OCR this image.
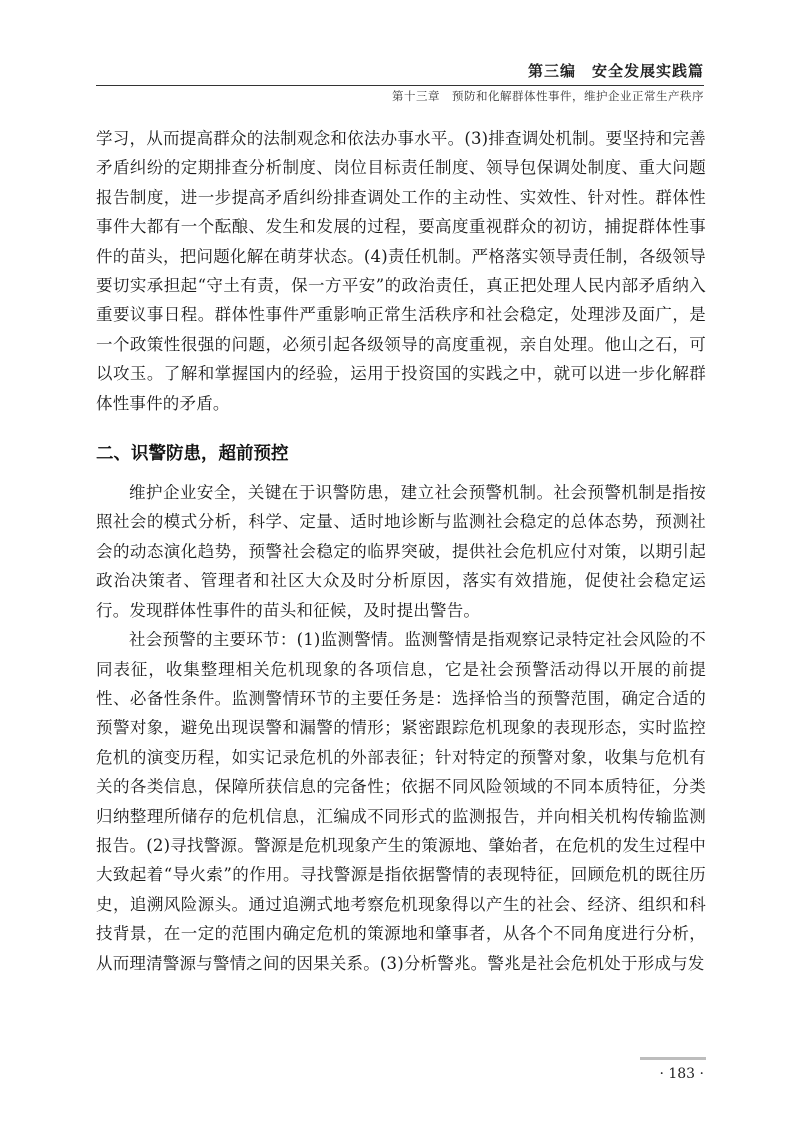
第三编　安全发展实践篇
第十三章　预防和化解群体性事件，维护企业正常生产秩序

学习，从而提高群众的法制观念和依法办事水平。(3)排查调处机制。要坚持和完善矛盾纠纷的定期排查分析制度、岗位目标责任制度、领导包保调处制度、重大问题报告制度，进一步提高矛盾纠纷排查调处工作的主动性、实效性、针对性。群体性事件大都有一个酝酿、发生和发展的过程，要高度重视群众的初访，捕捉群体性事件的苗头，把问题化解在萌芽状态。(4)责任机制。严格落实领导责任制，各级领导要切实承担起“守土有责，保一方平安”的政治责任，真正把处理人民内部矛盾纳入重要议事日程。群体性事件严重影响正常生活秩序和社会稳定，处理涉及面广，是一个政策性很强的问题，必须引起各级领导的高度重视，亲自处理。他山之石，可以攻玉。了解和掌握国内的经验，运用于投资国的实践之中，就可以进一步化解群体性事件的矛盾。

二、识警防患，超前预控

维护企业安全，关键在于识警防患，建立社会预警机制。社会预警机制是指按照社会的模式分析，科学、定量、适时地诊断与监测社会稳定的总体态势，预测社会的动态演化趋势，预警社会稳定的临界突破，提供社会危机应付对策，以期引起政治决策者、管理者和社区大众及时分析原因，落实有效措施，促使社会稳定运行。发现群体性事件的苗头和征候，及时提出警告。

社会预警的主要环节：(1)监测警情。监测警情是指观察记录特定社会风险的不同表征，收集整理相关危机现象的各项信息，它是社会预警活动得以开展的前提性、必备性条件。监测警情环节的主要任务是：选择恰当的预警范围，确定合适的预警对象，避免出现误警和漏警的情形；紧密跟踪危机现象的表现形态，实时监控危机的演变历程，如实记录危机的外部表征；针对特定的预警对象，收集与危机有关的各类信息，保障所获信息的完备性；依据不同风险领域的不同本质特征，分类归纳整理所储存的危机信息，汇编成不同形式的监测报告，并向相关机构传输监测报告。(2)寻找警源。警源是危机现象产生的策源地、肇始者，在危机的发生过程中大致起着“导火索”的作用。寻找警源是指依据警情的表现特征，回顾危机的既往历史，追溯风险源头。通过追溯式地考察危机现象得以产生的社会、经济、组织和科技背景，在一定的范围内确定危机的策源地和肇事者，从各个不同角度进行分析，从而理清警源与警情之间的因果关系。(3)分析警兆。警兆是社会危机处于形成与发

· 183 ·
